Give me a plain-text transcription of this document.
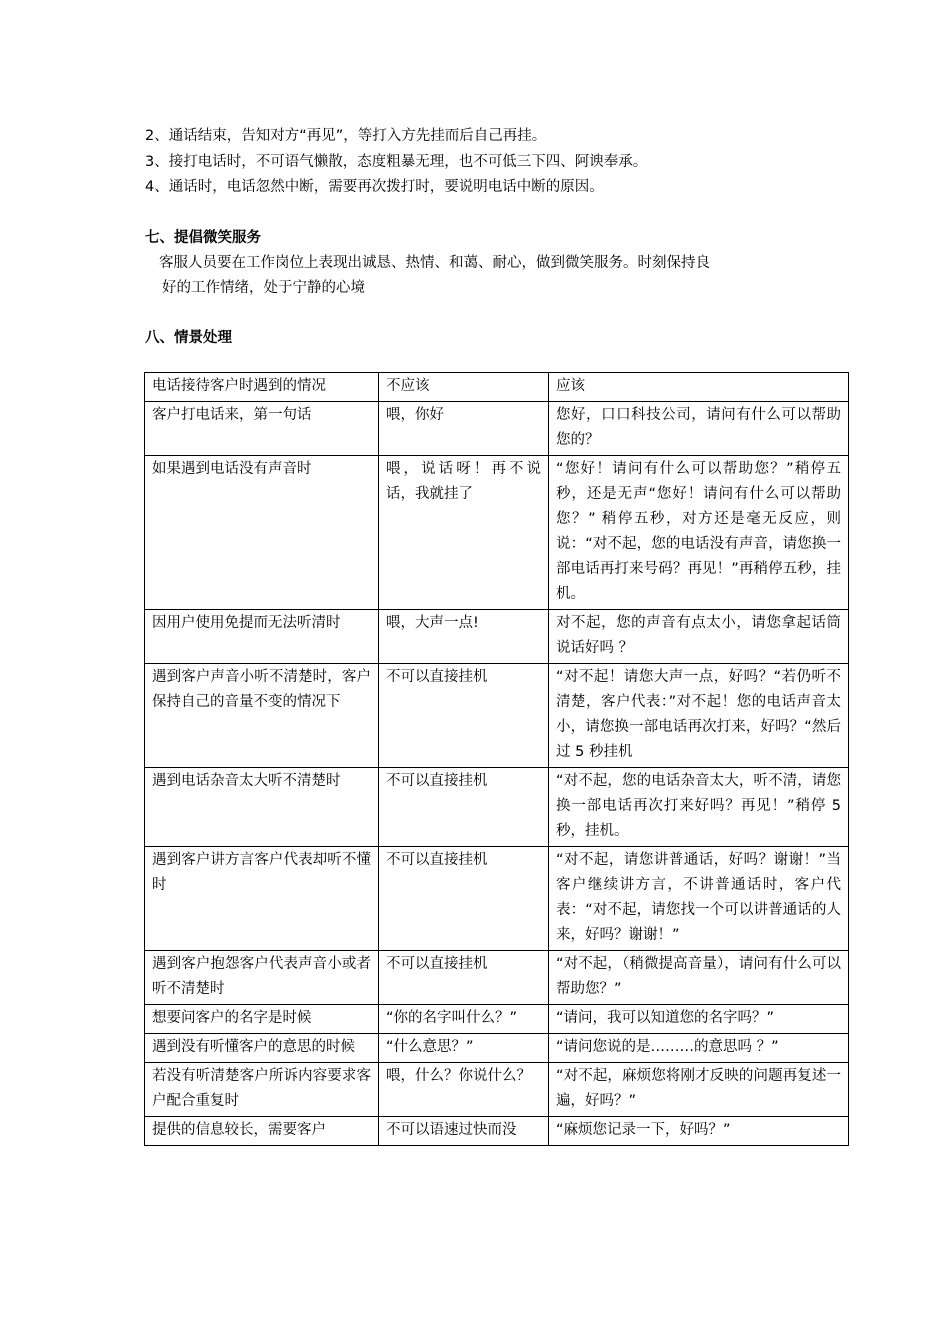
2、通话结束，告知对方“再见”，等打入方先挂而后自己再挂。

3、接打电话时，不可语气懒散，态度粗暴无理，也不可低三下四、阿谀奉承。

4、通话时，电话忽然中断，需要再次拨打时，要说明电话中断的原因。

七、提倡微笑服务

客服人员要在工作岗位上表现出诚恳、热情、和蔼、耐心，做到微笑服务。时刻保持良
好的工作情绪，处于宁静的心境

八、情景处理
电话接待客户时遇到的情况	不应该	应该
客户打电话来，第一句话	喂，你好	您好，口口科技公司，请问有什么可以帮助您的？
如果遇到电话没有声音时	喂，说话呀！再不说话，我就挂了	“您好！请问有什么可以帮助您？”稍停五秒，还是无声“您好！请问有什么可以帮助您？” 稍停五秒，对方还是毫无反应，则说：“对不起，您的电话没有声音，请您换一部电话再打来号码？再见！”再稍停五秒，挂机。
因用户使用免提而无法听清时	喂，大声一点!	对不起，您的声音有点太小，请您拿起话筒说话好吗 ？
遇到客户声音小听不清楚时，客户保持自己的音量不变的情况下	不可以直接挂机	“对不起！请您大声一点，好吗？“若仍听不清楚，客户代表：”对不起！您的电话声音太小，请您换一部电话再次打来，好吗？“然后过 5 秒挂机
遇到电话杂音太大听不清楚时	不可以直接挂机	“对不起，您的电话杂音太大，听不清，请您换一部电话再次打来好吗？再见！”稍停 5 秒，挂机。
遇到客户讲方言客户代表却听不懂时	不可以直接挂机	“对不起，请您讲普通话，好吗？谢谢！”当客户继续讲方言，不讲普通话时，客户代表：“对不起，请您找一个可以讲普通话的人来，好吗？谢谢！”
遇到客户抱怨客户代表声音小或者听不清楚时	不可以直接挂机	“对不起，（稍微提高音量），请问有什么可以帮助您？”
想要问客户的名字是时候	“你的名字叫什么？”	“请问，我可以知道您的名字吗？”
遇到没有听懂客户的意思的时候	“什么意思？”	“请问您说的是………的意思吗 ？”
若没有听清楚客户所诉内容要求客户配合重复时	喂，什么？你说什么？	“对不起，麻烦您将刚才反映的问题再复述一遍，好吗？”
提供的信息较长，需要客户	不可以语速过快而没	“麻烦您记录一下，好吗？”
